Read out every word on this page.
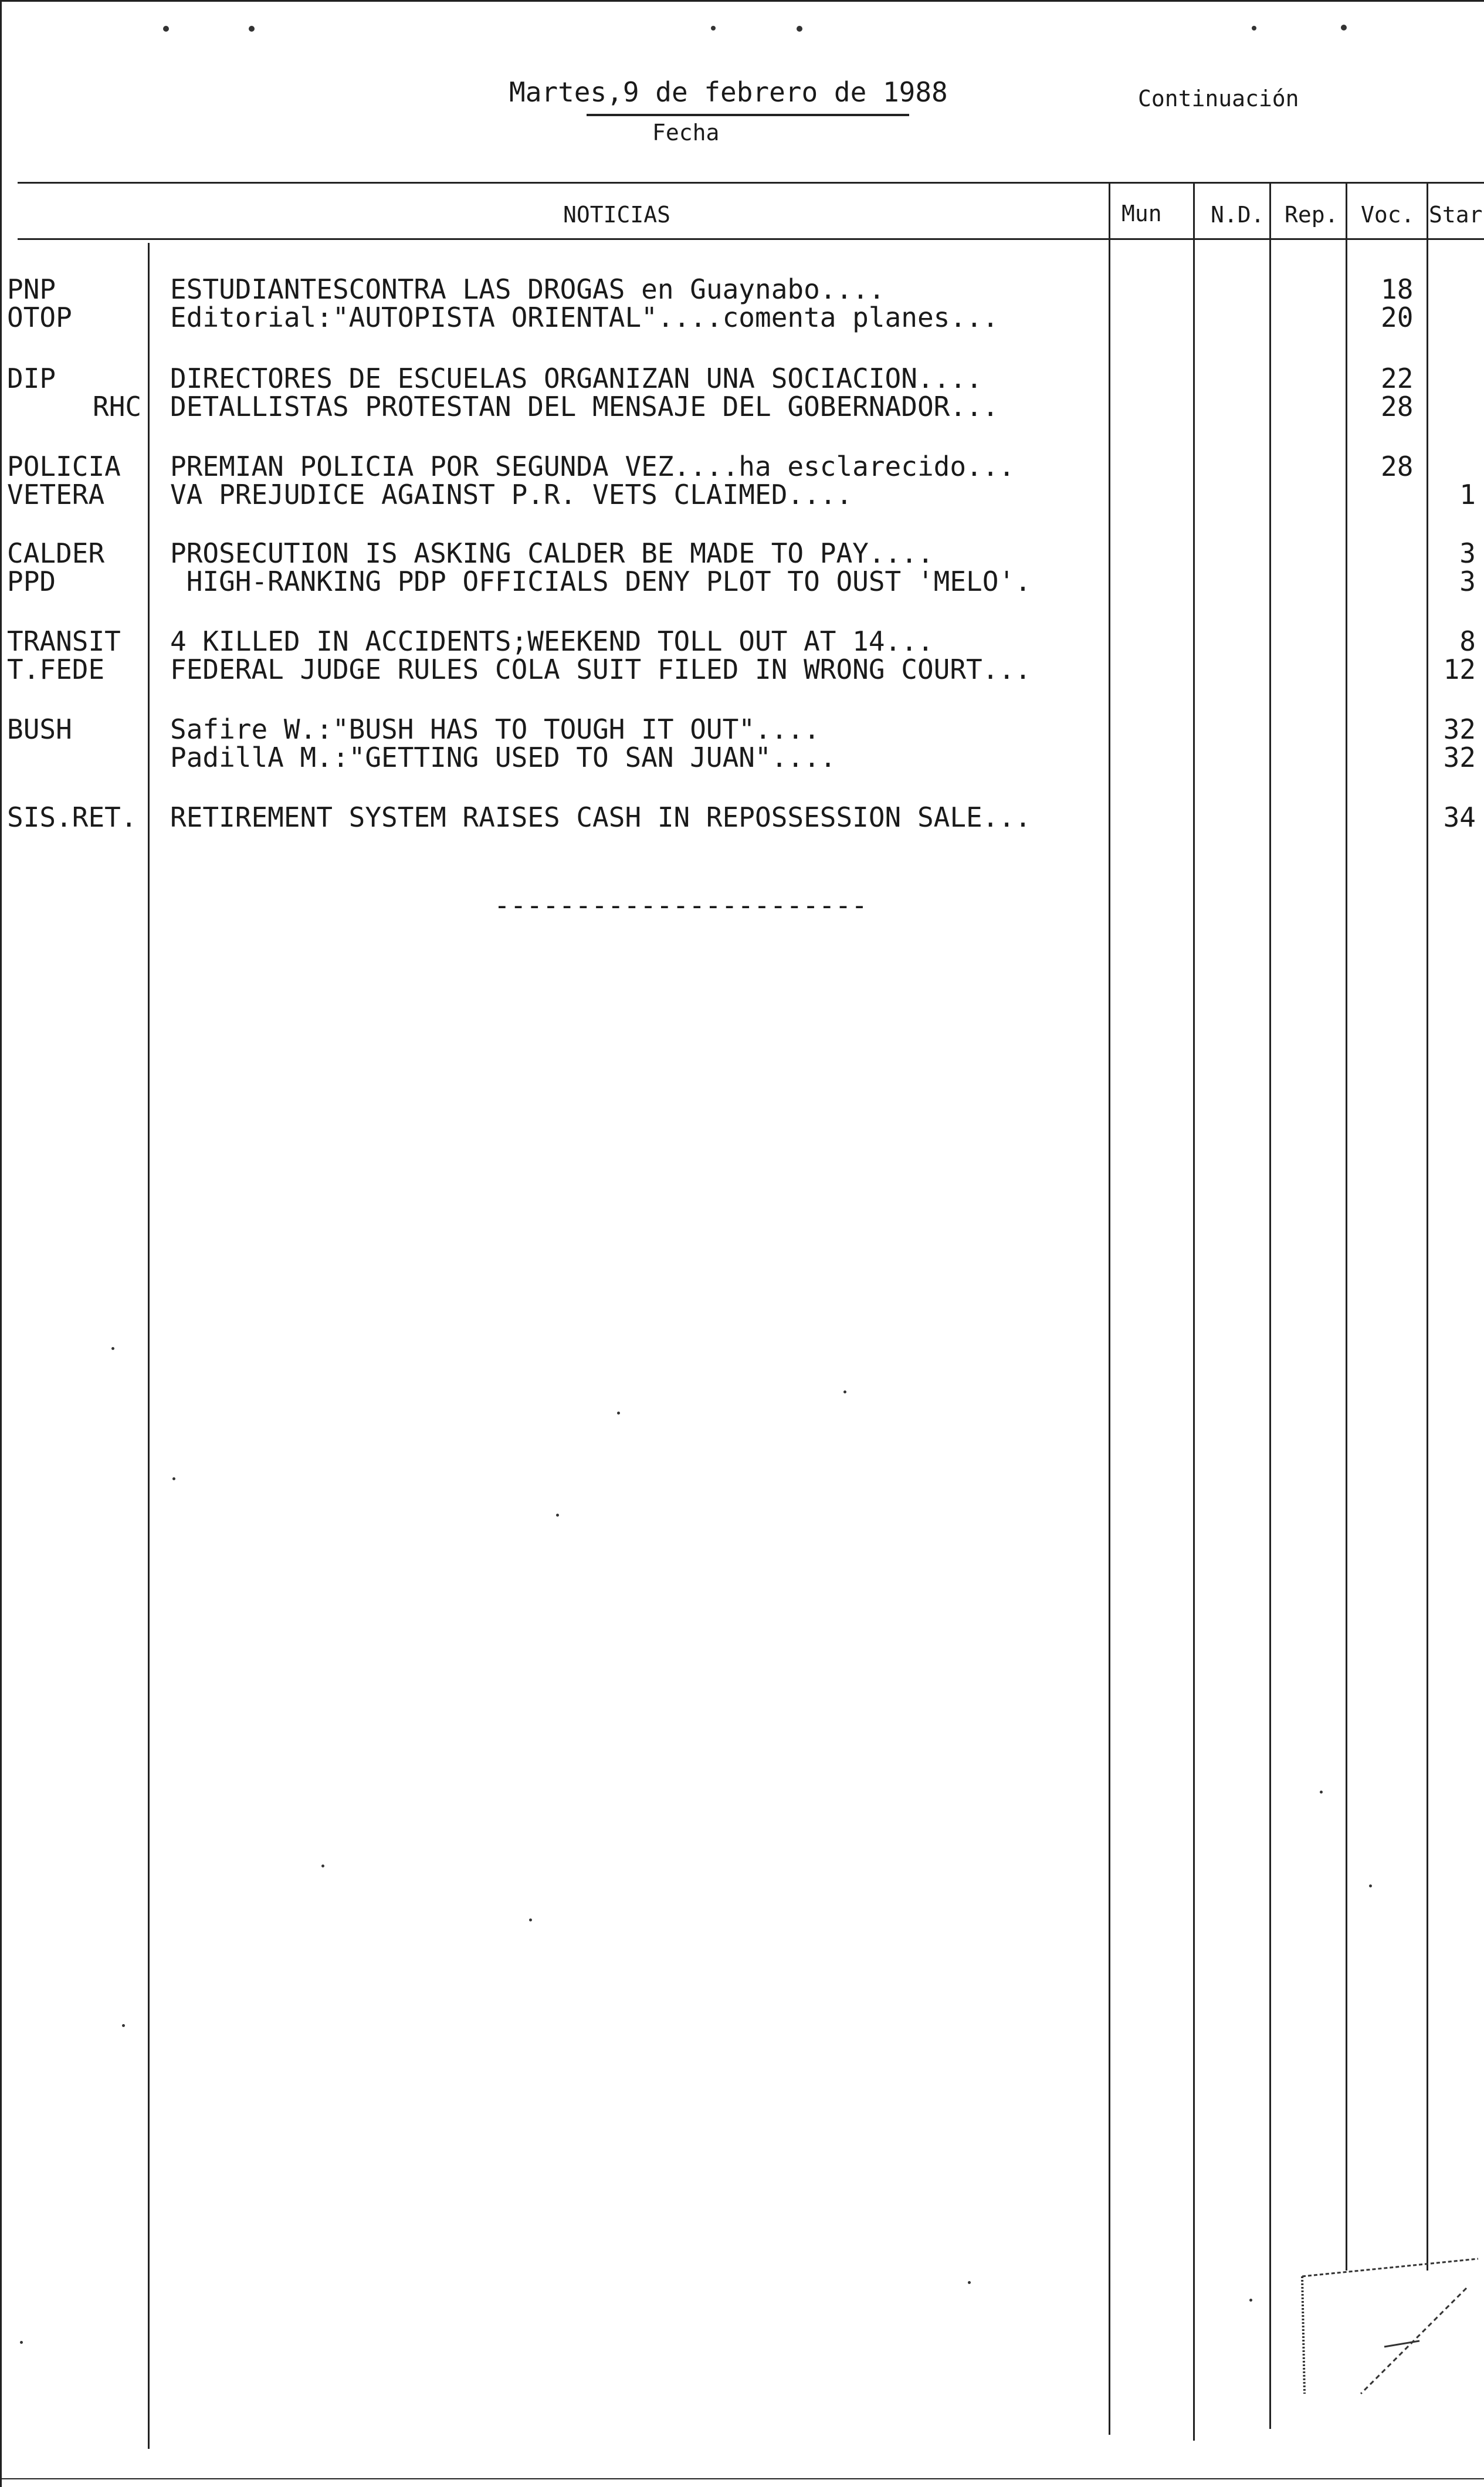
Martes,9 de febrero de 1988
Fecha
Continuación
NOTICIAS	Mun N.D. Rep. Voc. Star
PNP
OTOP
DIP
RHC
POLICIA
VETERA
CALDER
PPD
TRANSIT
T.FEDE
BUSH
SIS.RET.
ESTUDIANTESCONTRA LAS DROGAS en Guaynabo....
Editorial:"AUTOPISTA ORIENTAL"....comenta planes...
DIRECTORES DE ESCUELAS ORGANIZAN UNA SOCIACION....
DETALLISTAS PROTESTAN DEL MENSAJE DEL GOBERNADOR...
PREMIAN POLICIA POR SEGUNDA VEZ....ha esclarecido...
VA PREJUDICE AGAINST P.R. VETS CLAIMED....
PROSECUTION IS ASKING CALDER BE MADE TO PAY....
HIGH-RANKING PDP OFFICIALS DENY PLOT TO OUST 'MELO'.
4 KILLED IN ACCIDENTS;WEEKEND TOLL OUT AT 14...
FEDERAL JUDGE RULES COLA SUIT FILED IN WRONG COURT...
Safire W.:"BUSH HAS TO TOUGH IT OUT"....
PadillA M.:"GETTING USED TO SAN JUAN"....
RETIREMENT SYSTEM RAISES CASH IN REPOSSESSION SALE...
18
20
22
28
28
1
3
3
8
12
32
32
34
-----------------------
